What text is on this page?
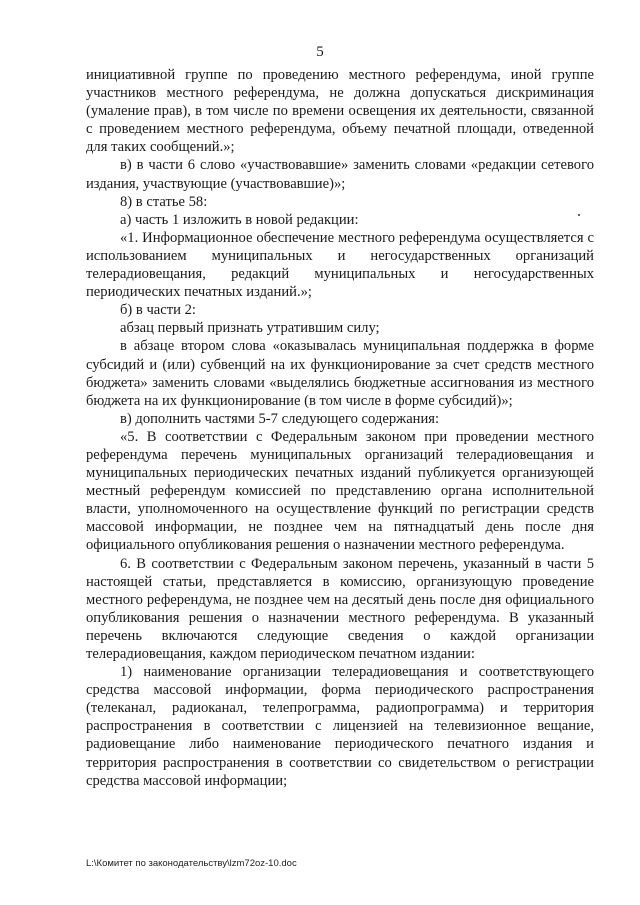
5

инициативной группе по проведению местного референдума, иной группе участников местного референдума, не должна допускаться дискриминация (умаление прав), в том числе по времени освещения их деятельности, связанной с проведением местного референдума, объему печатной площади, отведенной для таких сообщений.»;

в) в части 6 слово «участвовавшие» заменить словами «редакции сетевого издания, участвующие (участвовавшие)»;

8) в статье 58:

а) часть 1 изложить в новой редакции:

«1. Информационное обеспечение местного референдума осуществляется с использованием муниципальных и негосударственных организаций телерадиовещания, редакций муниципальных и негосударственных периодических печатных изданий.»;

б) в части 2:

абзац первый признать утратившим силу;

в абзаце втором слова «оказывалась муниципальная поддержка в форме субсидий и (или) субвенций на их функционирование за счет средств местного бюджета» заменить словами «выделялись бюджетные ассигнования из местного бюджета на их функционирование (в том числе в форме субсидий)»;

в) дополнить частями 5-7 следующего содержания:

«5. В соответствии с Федеральным законом при проведении местного референдума перечень муниципальных организаций телерадиовещания и муниципальных периодических печатных изданий публикуется организующей местный референдум комиссией по представлению органа исполнительной власти, уполномоченного на осуществление функций по регистрации средств массовой информации, не позднее чем на пятнадцатый день после дня официального опубликования решения о назначении местного референдума.

6. В соответствии с Федеральным законом перечень, указанный в части 5 настоящей статьи, представляется в комиссию, организующую проведение местного референдума, не позднее чем на десятый день после дня официального опубликования решения о назначении местного референдума. В указанный перечень включаются следующие сведения о каждой организации телерадиовещания, каждом периодическом печатном издании:

1) наименование организации телерадиовещания и соответствующего средства массовой информации, форма периодического распространения (телеканал, радиоканал, телепрограмма, радиопрограмма) и территория распространения в соответствии с лицензией на телевизионное вещание, радиовещание либо наименование периодического печатного издания и территория распространения в соответствии со свидетельством о регистрации средства массовой информации;

L:\Комитет по законодательству\lzm72oz-10.doc
